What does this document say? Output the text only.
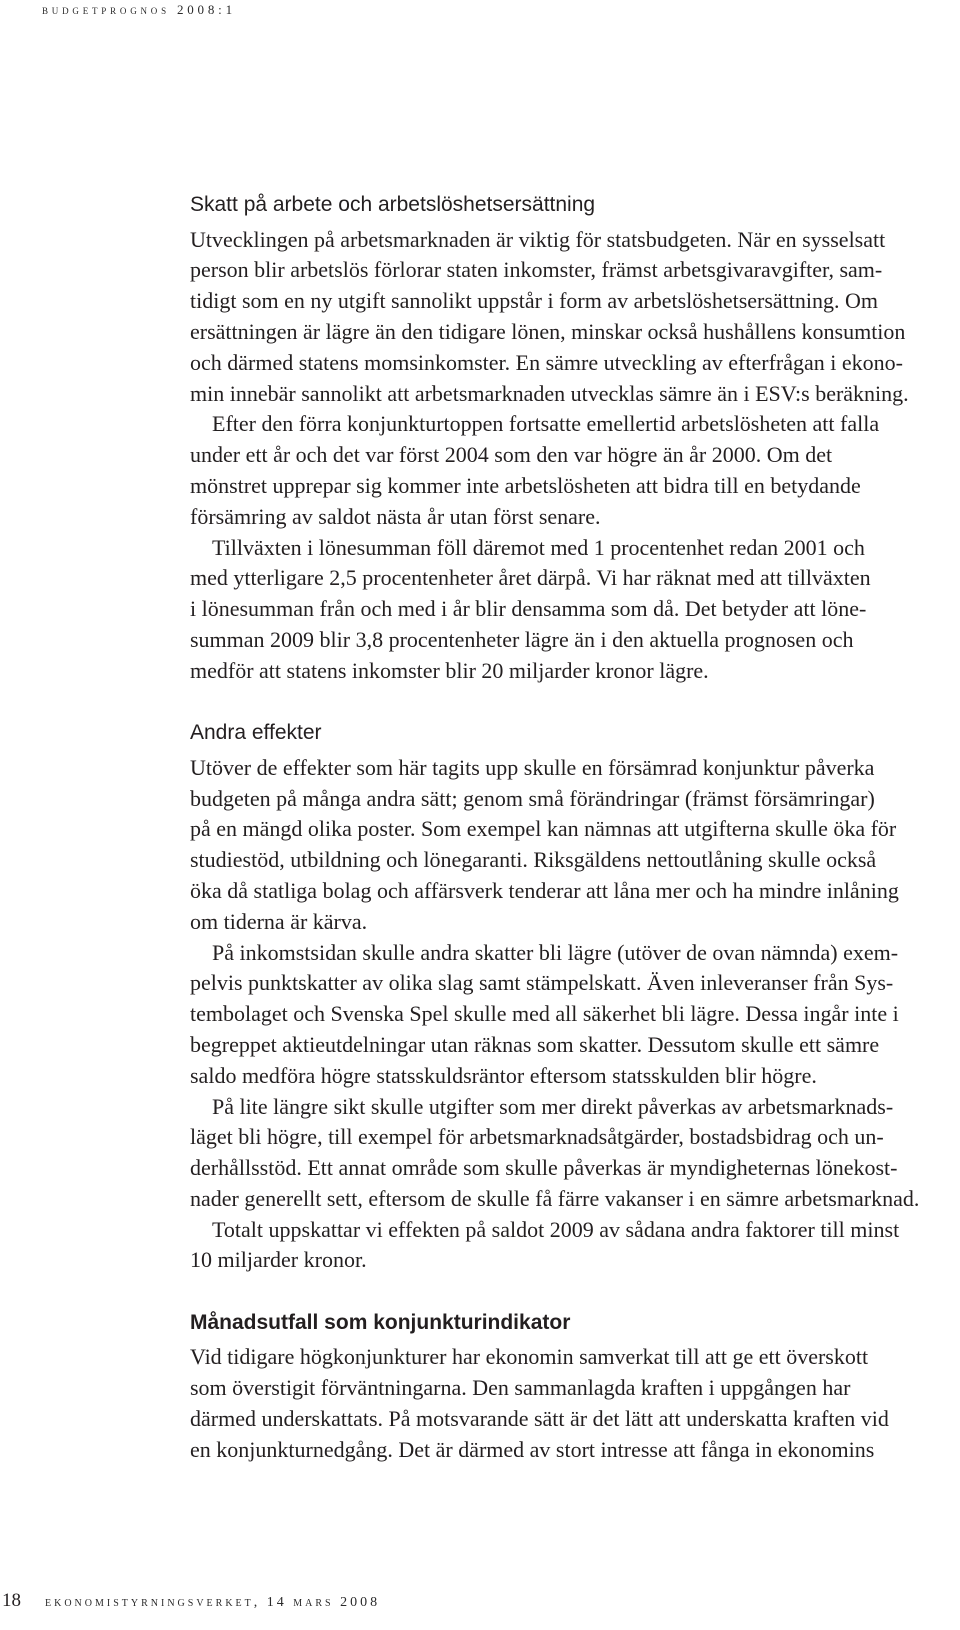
budgetprognos 2008:1
Skatt på arbete och arbetslöshetsersättning
Utvecklingen på arbetsmarknaden är viktig för statsbudgeten. När en sysselsatt
person blir arbetslös förlorar staten inkomster, främst arbetsgivaravgifter, sam-
tidigt som en ny utgift sannolikt uppstår i form av arbetslöshetsersättning. Om
ersättningen är lägre än den tidigare lönen, minskar också hushållens konsumtion
och därmed statens momsinkomster. En sämre utveckling av efterfrågan i ekono-
min innebär sannolikt att arbetsmarknaden utvecklas sämre än i ESV:s beräkning.
Efter den förra konjunkturtoppen fortsatte emellertid arbetslösheten att falla
under ett år och det var först 2004 som den var högre än år 2000. Om det
mönstret upprepar sig kommer inte arbetslösheten att bidra till en betydande
försämring av saldot nästa år utan först senare.
Tillväxten i lönesumman föll däremot med 1 procentenhet redan 2001 och
med ytterligare 2,5 procentenheter året därpå. Vi har räknat med att tillväxten
i lönesumman från och med i år blir densamma som då. Det betyder att löne-
summan 2009 blir 3,8 procentenheter lägre än i den aktuella prognosen och
medför att statens inkomster blir 20 miljarder kronor lägre.
Andra effekter
Utöver de effekter som här tagits upp skulle en försämrad konjunktur påverka
budgeten på många andra sätt; genom små förändringar (främst försämringar)
på en mängd olika poster. Som exempel kan nämnas att utgifterna skulle öka för
studiestöd, utbildning och lönegaranti. Riksgäldens nettoutlåning skulle också
öka då statliga bolag och affärsverk tenderar att låna mer och ha mindre inlåning
om tiderna är kärva.
På inkomstsidan skulle andra skatter bli lägre (utöver de ovan nämnda) exem-
pelvis punktskatter av olika slag samt stämpelskatt. Även inleveranser från Sys-
tembolaget och Svenska Spel skulle med all säkerhet bli lägre. Dessa ingår inte i
begreppet aktieutdelningar utan räknas som skatter. Dessutom skulle ett sämre
saldo medföra högre statsskuldsräntor eftersom statsskulden blir högre.
På lite längre sikt skulle utgifter som mer direkt påverkas av arbetsmarknads-
läget bli högre, till exempel för arbetsmarknadsåtgärder, bostadsbidrag och un-
derhållsstöd. Ett annat område som skulle påverkas är myndigheternas lönekost-
nader generellt sett, eftersom de skulle få färre vakanser i en sämre arbetsmarknad.
Totalt uppskattar vi effekten på saldot 2009 av sådana andra faktorer till minst
10 miljarder kronor.
Månadsutfall som konjunkturindikator
Vid tidigare högkonjunkturer har ekonomin samverkat till att ge ett överskott
som överstigit förväntningarna. Den sammanlagda kraften i uppgången har
därmed underskattats. På motsvarande sätt är det lätt att underskatta kraften vid
en konjunkturnedgång. Det är därmed av stort intresse att fånga in ekonomins
18	ekonomistyrningsverket, 14 mars 2008
